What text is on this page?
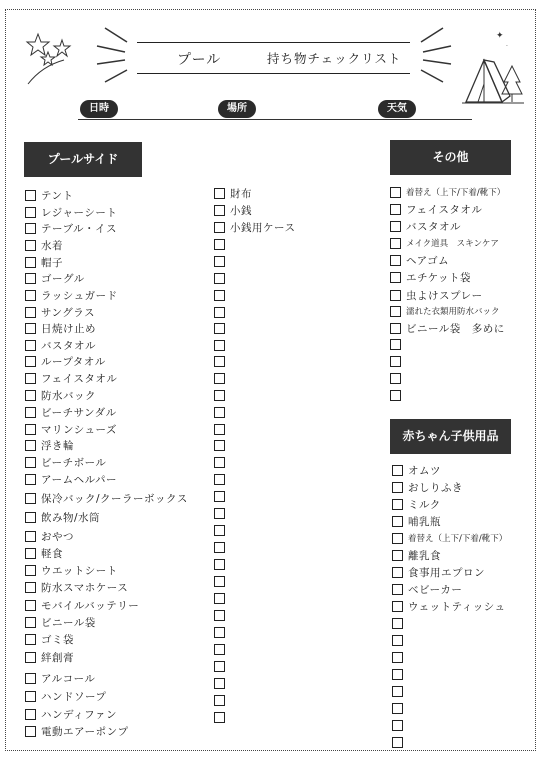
プール	持ち物チェックリスト
✦
·
日時	場所	天気
プールサイド	その他
赤ちゃん子供用品
テント
レジャーシート
テーブル・イス
水着
帽子
ゴーグル
ラッシュガード
サングラス
日焼け止め
バスタオル
ループタオル
フェイスタオル
防水バック
ビーチサンダル
マリンシューズ
浮き輪
ビーチボール
アームヘルパー
保冷バック/クーラーボックス
飲み物/水筒
おやつ
軽食
ウエットシート
防水スマホケース
モバイルバッテリー
ビニール袋
ゴミ袋
絆創膏
アルコール
ハンドソープ
ハンディファン
電動エアーポンプ
財布
小銭
小銭用ケース
着替え（上下/下着/靴下）
フェイスタオル
バスタオル
メイク道具　スキンケア
ヘアゴム
エチケット袋
虫よけスプレー
濡れた衣類用防水バック
ビニール袋　多めに
オムツ
おしりふき
ミルク
哺乳瓶
着替え（上下/下着/靴下）
離乳食
食事用エプロン
ベビーカー
ウェットティッシュ
